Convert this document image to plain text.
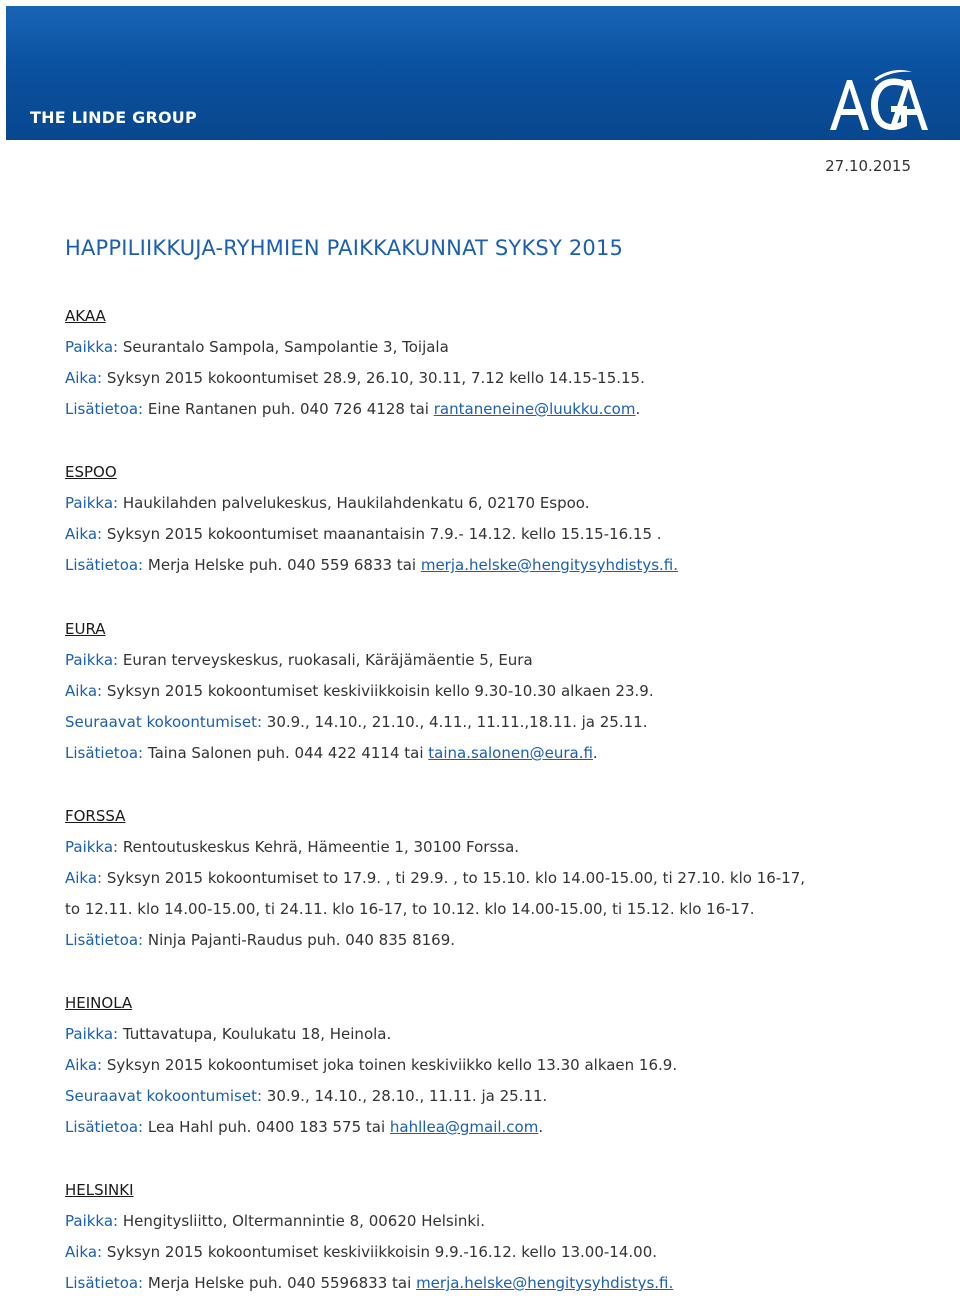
THE LINDE GROUP
27.10.2015
HAPPILIIKKUJA-RYHMIEN PAIKKAKUNNAT SYKSY 2015
AKAA
Paikka: Seurantalo Sampola, Sampolantie 3, Toijala
Aika: Syksyn 2015 kokoontumiset 28.9, 26.10, 30.11, 7.12 kello 14.15-15.15.
Lisätietoa: Eine Rantanen puh. 040 726 4128 tai rantaneneine@luukku.com.
ESPOO
Paikka: Haukilahden palvelukeskus, Haukilahdenkatu 6, 02170 Espoo.
Aika: Syksyn 2015 kokoontumiset maanantaisin 7.9.- 14.12. kello 15.15-16.15 .
Lisätietoa: Merja Helske puh. 040 559 6833 tai merja.helske@hengitysyhdistys.fi.
EURA
Paikka: Euran terveyskeskus, ruokasali, Käräjämäentie 5, Eura
Aika: Syksyn 2015 kokoontumiset keskiviikkoisin kello 9.30-10.30 alkaen 23.9.
Seuraavat kokoontumiset: 30.9., 14.10., 21.10., 4.11., 11.11.,18.11. ja 25.11.
Lisätietoa: Taina Salonen puh. 044 422 4114 tai taina.salonen@eura.fi.
FORSSA
Paikka: Rentoutuskeskus Kehrä, Hämeentie 1, 30100 Forssa.
Aika: Syksyn 2015 kokoontumiset to 17.9. , ti 29.9. , to 15.10. klo 14.00-15.00, ti 27.10. klo 16-17,
to 12.11. klo 14.00-15.00, ti 24.11. klo 16-17, to 10.12. klo 14.00-15.00, ti 15.12. klo 16-17.
Lisätietoa: Ninja Pajanti-Raudus puh. 040 835 8169.
HEINOLA
Paikka: Tuttavatupa, Koulukatu 18, Heinola.
Aika: Syksyn 2015 kokoontumiset joka toinen keskiviikko kello 13.30 alkaen 16.9.
Seuraavat kokoontumiset: 30.9., 14.10., 28.10., 11.11. ja 25.11.
Lisätietoa: Lea Hahl puh. 0400 183 575 tai hahllea@gmail.com.
HELSINKI
Paikka: Hengitysliitto, Oltermannintie 8, 00620 Helsinki.
Aika: Syksyn 2015 kokoontumiset keskiviikkoisin 9.9.-16.12. kello 13.00-14.00.
Lisätietoa: Merja Helske puh. 040 5596833 tai merja.helske@hengitysyhdistys.fi.
